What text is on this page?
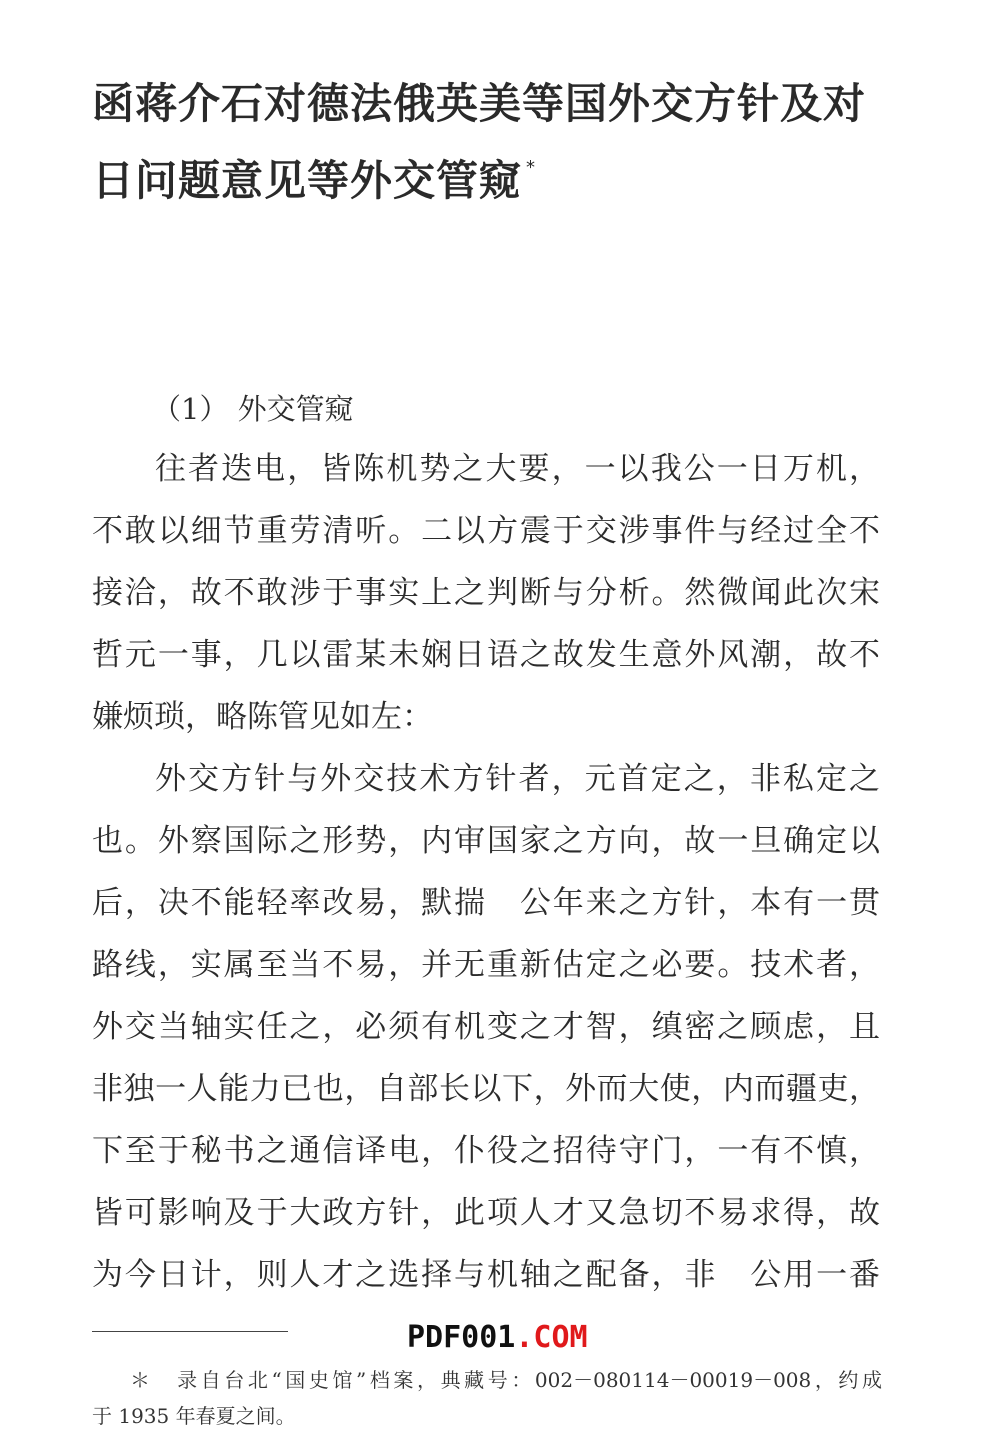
函蒋介石对德法俄英美等国外交方针及对
日问题意见等外交管窥 *
（1） 外交管窥
往者迭电，皆陈机势之大要，一以我公一日万机，
不敢以细节重劳清听。二以方震于交涉事件与经过全不
接洽，故不敢涉于事实上之判断与分析。然微闻此次宋
哲元一事，几以雷某未娴日语之故发生意外风潮，故不
嫌烦琐，略陈管见如左：
外交方针与外交技术方针者，元首定之，非私定之
也。外察国际之形势，内审国家之方向，故一旦确定以
后，决不能轻率改易，默揣　公年来之方针，本有一贯
路线，实属至当不易，并无重新估定之必要。技术者，
外交当轴实任之，必须有机变之才智，缜密之顾虑，且
非独一人能力已也，自部长以下，外而大使，内而疆吏，
下至于秘书之通信译电，仆役之招待守门，一有不慎，
皆可影响及于大政方针，此项人才又急切不易求得，故
为今日计，则人才之选择与机轴之配备，非　公用一番
PDF001.COM
＊　录自台北“国史馆”档案，典藏号：002－080114－00019－008，约成
于 1935 年春夏之间。
